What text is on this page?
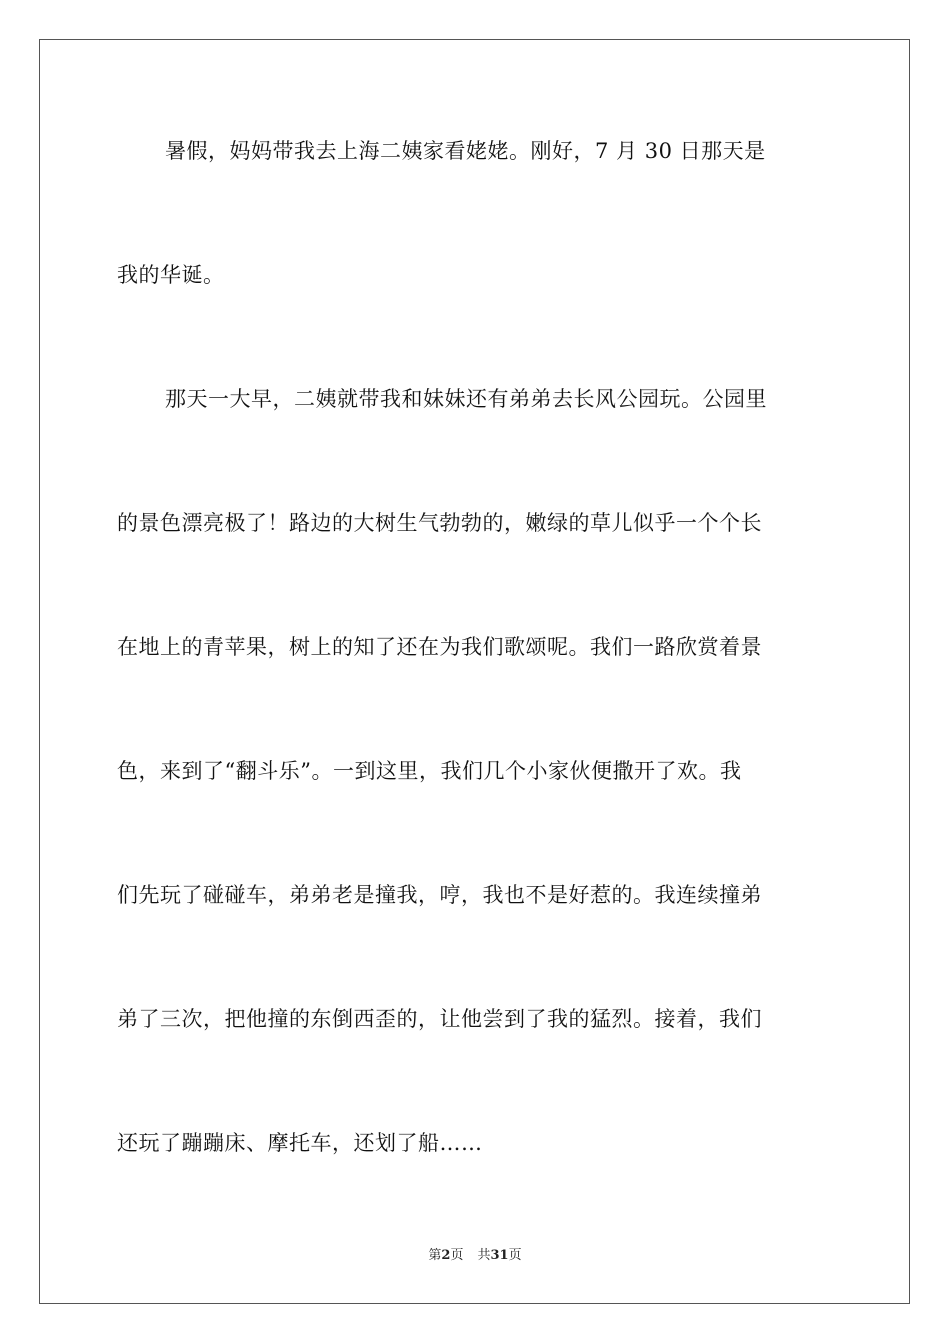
暑假，妈妈带我去上海二姨家看姥姥。刚好，7 月 30 日那天是
我的华诞。
那天一大早，二姨就带我和妹妹还有弟弟去长风公园玩。公园里
的景色漂亮极了！路边的大树生气勃勃的，嫩绿的草儿似乎一个个长
在地上的青苹果，树上的知了还在为我们歌颂呢。我们一路欣赏着景
色，来到了“翻斗乐”。一到这里，我们几个小家伙便撒开了欢。我
们先玩了碰碰车，弟弟老是撞我，哼，我也不是好惹的。我连续撞弟
弟了三次，把他撞的东倒西歪的，让他尝到了我的猛烈。接着，我们
还玩了蹦蹦床、摩托车，还划了船……
第2页 共31页
